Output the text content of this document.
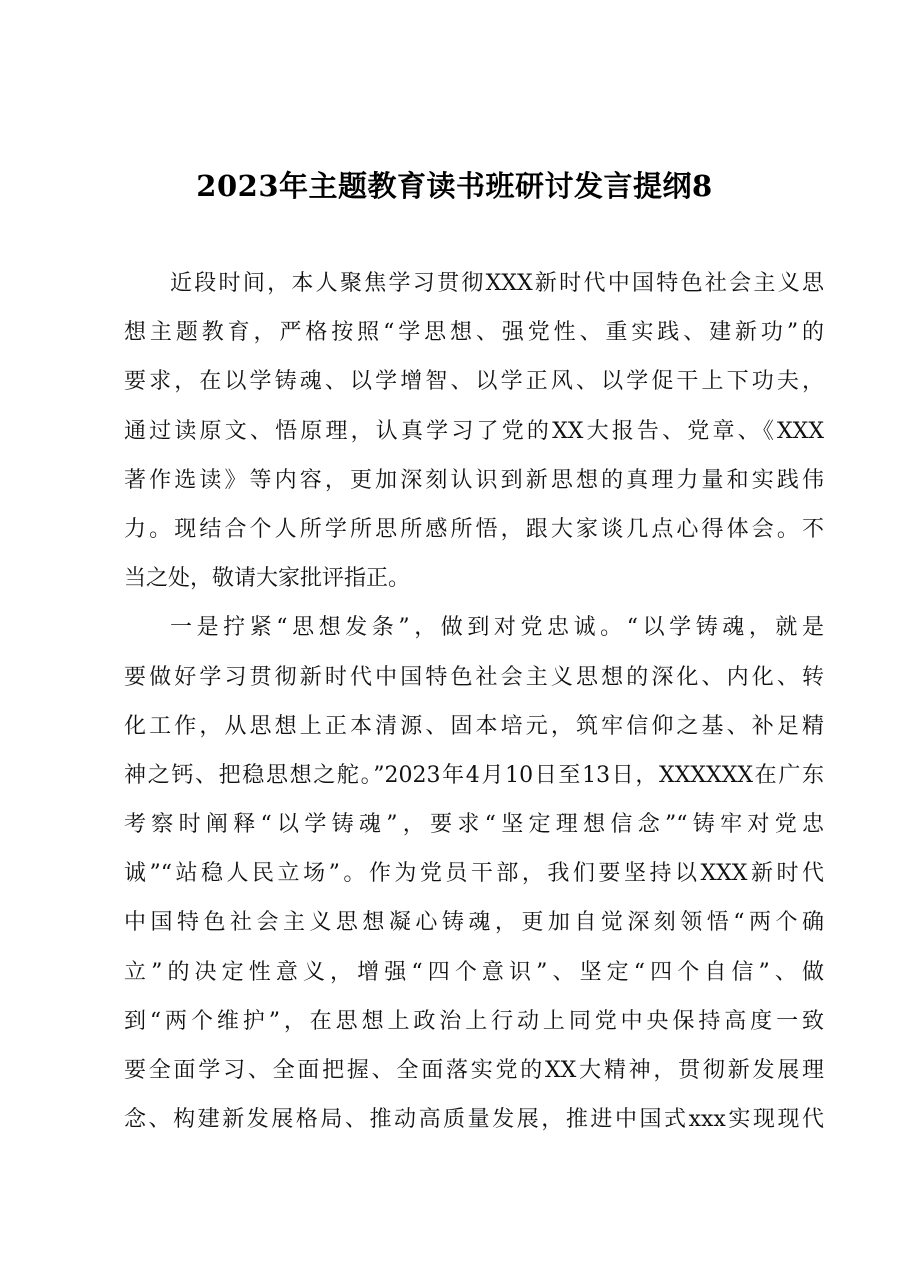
2023年主题教育读书班研讨发言提纲8
近段时间，本人聚焦学习贯彻XXX新时代中国特色社会主义思
想主题教育，严格按照“学思想、强党性、重实践、建新功”的
要求，在以学铸魂、以学增智、以学正风、以学促干上下功夫，
通过读原文、悟原理，认真学习了党的XX大报告、党章、《XXX
著作选读》等内容，更加深刻认识到新思想的真理力量和实践伟
力。现结合个人所学所思所感所悟，跟大家谈几点心得体会。不
当之处，敬请大家批评指正。
一是拧紧“思想发条”，做到对党忠诚。“以学铸魂，就是
要做好学习贯彻新时代中国特色社会主义思想的深化、内化、转
化工作，从思想上正本清源、固本培元，筑牢信仰之基、补足精
神之钙、把稳思想之舵。”2023年4月10日至13日，XXXXXX在广东
考察时阐释“以学铸魂”，要求“坚定理想信念”“铸牢对党忠
诚”“站稳人民立场”。作为党员干部，我们要坚持以XXX新时代
中国特色社会主义思想凝心铸魂，更加自觉深刻领悟“两个确
立”的决定性意义，增强“四个意识”、坚定“四个自信”、做
到“两个维护”，在思想上政治上行动上同党中央保持高度一致
要全面学习、全面把握、全面落实党的XX大精神，贯彻新发展理
念、构建新发展格局、推动高质量发展，推进中国式xxx实现现代
